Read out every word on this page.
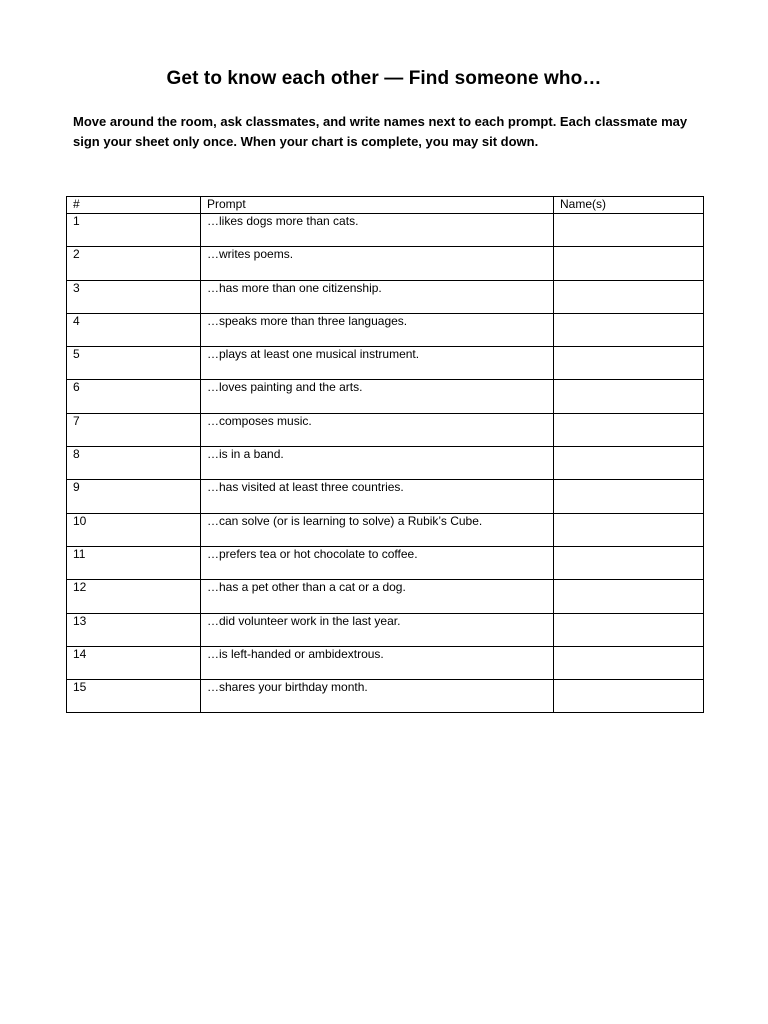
Get to know each other — Find someone who…
Move around the room, ask classmates, and write names next to each prompt. Each classmate may sign your sheet only once. When your chart is complete, you may sit down.
#	Prompt	Name(s)
1	…likes dogs more than cats.	
2	…writes poems.	
3	…has more than one citizenship.	
4	…speaks more than three languages.	
5	…plays at least one musical instrument.	
6	…loves painting and the arts.	
7	…composes music.	
8	…is in a band.	
9	…has visited at least three countries.	
10	…can solve (or is learning to solve) a Rubik’s Cube.	
11	…prefers tea or hot chocolate to coffee.	
12	…has a pet other than a cat or a dog.	
13	…did volunteer work in the last year.	
14	…is left-handed or ambidextrous.	
15	…shares your birthday month.	
